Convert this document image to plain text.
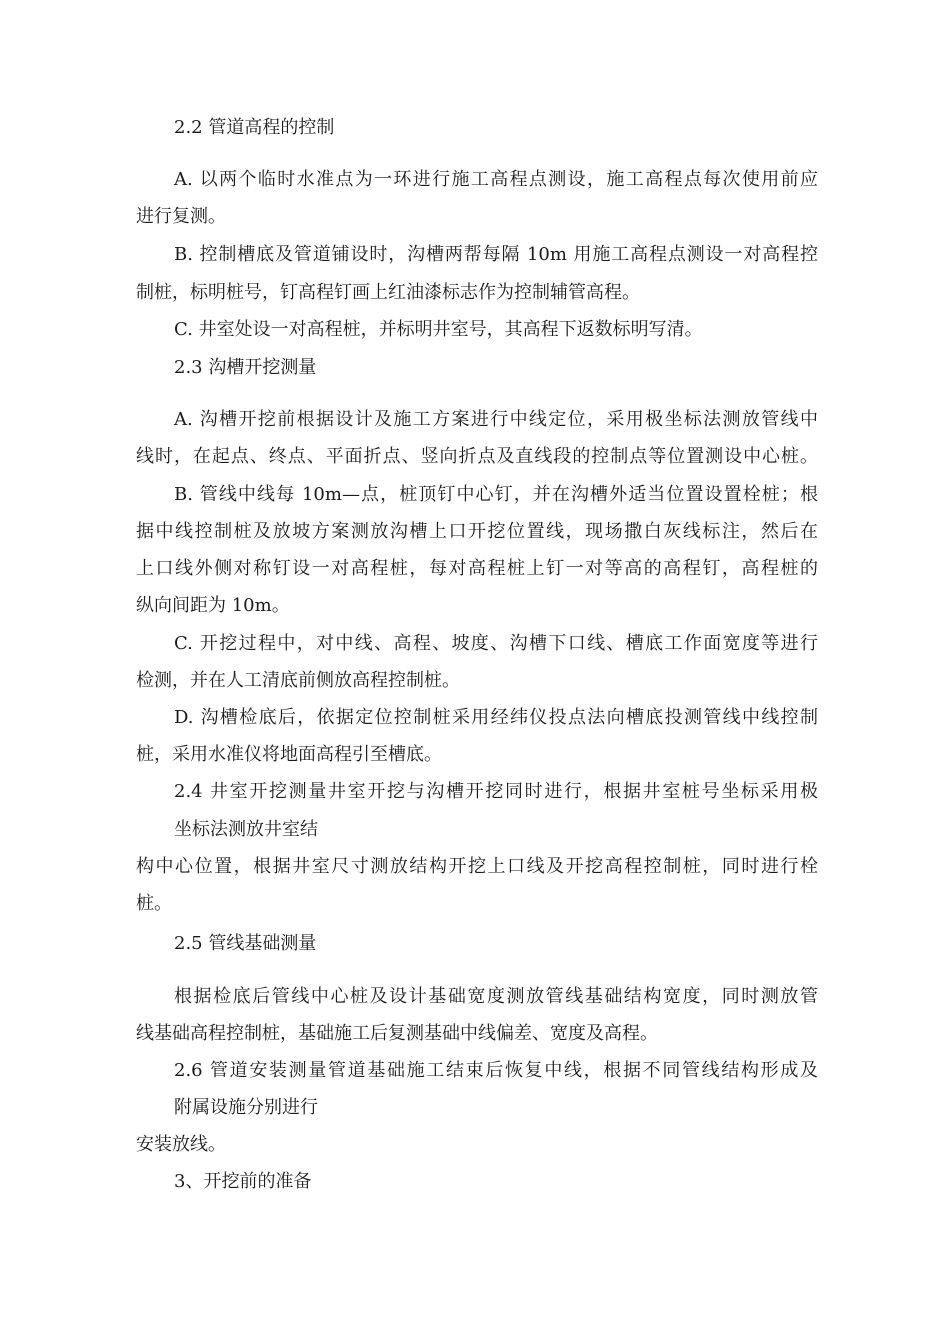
2.2 管道高程的控制
A. 以两个临时水准点为一环进行施工高程点测设，施工高程点每次使用前应
进行复测。
B. 控制槽底及管道铺设时，沟槽两帮每隔 10m 用施工高程点测设一对高程控
制桩，标明桩号，钉高程钉画上红油漆标志作为控制辅管高程。
C. 井室处设一对高程桩，并标明井室号，其高程下返数标明写清。
2.3 沟槽开挖测量
A. 沟槽开挖前根据设计及施工方案进行中线定位，采用极坐标法测放管线中
线时，在起点、终点、平面折点、竖向折点及直线段的控制点等位置测设中心桩。
B. 管线中线每 10m—点，桩顶钉中心钉，并在沟槽外适当位置设置栓桩；根
据中线控制桩及放坡方案测放沟槽上口开挖位置线，现场撒白灰线标注，然后在
上口线外侧对称钉设一对高程桩，每对高程桩上钉一对等高的高程钉，高程桩的
纵向间距为 10m。
C. 开挖过程中，对中线、高程、坡度、沟槽下口线、槽底工作面宽度等进行
检测，并在人工清底前侧放高程控制桩。
D. 沟槽检底后，依据定位控制桩采用经纬仪投点法向槽底投测管线中线控制
桩，采用水准仪将地面高程引至槽底。
2.4 井室开挖测量井室开挖与沟槽开挖同时进行，根据井室桩号坐标采用极
坐标法测放井室结
构中心位置，根据井室尺寸测放结构开挖上口线及开挖高程控制桩，同时进行栓
桩。
2.5 管线基础测量
根据检底后管线中心桩及设计基础宽度测放管线基础结构宽度，同时测放管
线基础高程控制桩，基础施工后复测基础中线偏差、宽度及高程。
2.6 管道安装测量管道基础施工结束后恢复中线，根据不同管线结构形成及
附属设施分别进行
安装放线。
3、开挖前的准备
